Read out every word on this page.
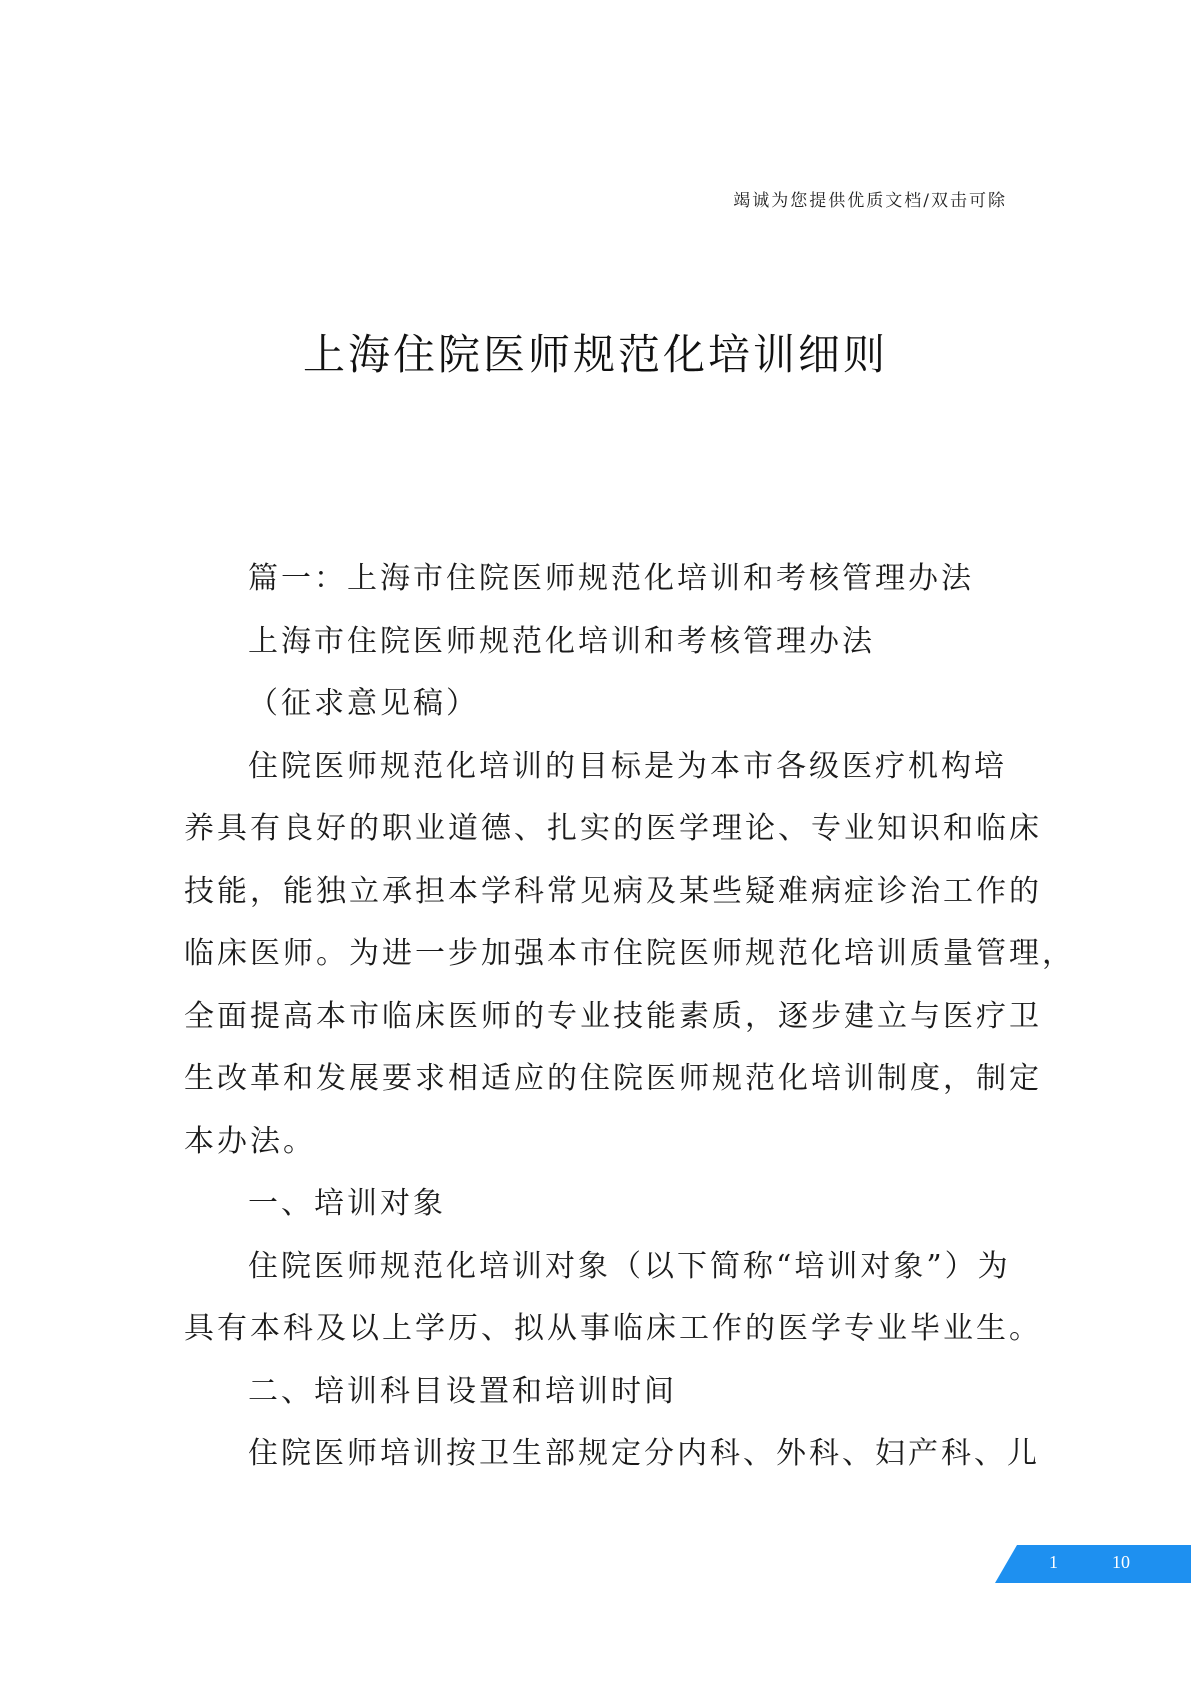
竭诚为您提供优质文档/双击可除
上海住院医师规范化培训细则
篇一：上海市住院医师规范化培训和考核管理办法
上海市住院医师规范化培训和考核管理办法
（征求意见稿）
住院医师规范化培训的目标是为本市各级医疗机构培
养具有良好的职业道德、扎实的医学理论、专业知识和临床
技能，能独立承担本学科常见病及某些疑难病症诊治工作的
临床医师。为进一步加强本市住院医师规范化培训质量管理，
全面提高本市临床医师的专业技能素质，逐步建立与医疗卫
生改革和发展要求相适应的住院医师规范化培训制度，制定
本办法。
一、培训对象
住院医师规范化培训对象（以下简称“培训对象”）为
具有本科及以上学历、拟从事临床工作的医学专业毕业生。
二、培训科目设置和培训时间
住院医师培训按卫生部规定分内科、外科、妇产科、儿
1	10
